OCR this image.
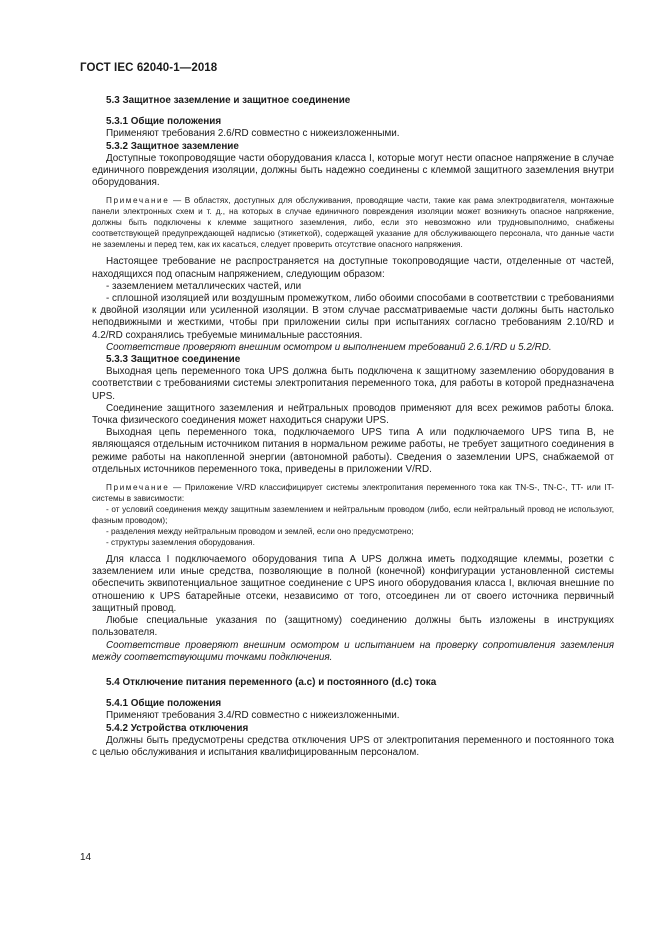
ГОСТ IEC 62040-1—2018

5.3 Защитное заземление и защитное соединение

5.3.1 Общие положения

Применяют требования 2.6/RD совместно с нижеизложенными.

5.3.2 Защитное заземление

Доступные токопроводящие части оборудования класса I, которые могут нести опасное напряжение в случае единичного повреждения изоляции, должны быть надежно соединены с клеммой защитного заземления внутри оборудования.

Примечание — В областях, доступных для обслуживания, проводящие части, такие как рама электродвигателя, монтажные панели электронных схем и т. д., на которых в случае единичного повреждения изоляции может возникнуть опасное напряжение, должны быть подключены к клемме защитного заземления, либо, если это невозможно или трудновыполнимо, снабжены соответствующей предупреждающей надписью (этикеткой), содержащей указание для обслуживающего персонала, что данные части не заземлены и перед тем, как их касаться, следует проверить отсутствие опасного напряжения.

Настоящее требование не распространяется на доступные токопроводящие части, отделенные от частей, находящихся под опасным напряжением, следующим образом:

- заземлением металлических частей, или

- сплошной изоляцией или воздушным промежутком, либо обоими способами в соответствии с требованиями к двойной изоляции или усиленной изоляции. В этом случае рассматриваемые части должны быть настолько неподвижными и жесткими, чтобы при приложении силы при испытаниях согласно требованиям 2.10/RD и 4.2/RD сохранялись требуемые минимальные расстояния.

Соответствие проверяют внешним осмотром и выполнением требований 2.6.1/RD и 5.2/RD.

5.3.3 Защитное соединение

Выходная цепь переменного тока UPS должна быть подключена к защитному заземлению оборудования в соответствии с требованиями системы электропитания переменного тока, для работы в которой предназначена UPS.

Соединение защитного заземления и нейтральных проводов применяют для всех режимов работы блока. Точка физического соединения может находиться снаружи UPS.

Выходная цепь переменного тока, подключаемого UPS типа A или подключаемого UPS типа B, не являющаяся отдельным источником питания в нормальном режиме работы, не требует защитного соединения в режиме работы на накопленной энергии (автономной работы). Сведения о заземлении UPS, снабжаемой от отдельных источников переменного тока, приведены в приложении V/RD.

Примечание — Приложение V/RD классифицирует системы электропитания переменного тока как TN-S-, TN-C-, TT- или IT-системы в зависимости:

- от условий соединения между защитным заземлением и нейтральным проводом (либо, если нейтральный провод не используют, фазным проводом);

- разделения между нейтральным проводом и землей, если оно предусмотрено;

- структуры заземления оборудования.

Для класса I подключаемого оборудования типа A UPS должна иметь подходящие клеммы, розетки с заземлением или иные средства, позволяющие в полной (конечной) конфигурации установленной системы обеспечить эквипотенциальное защитное соединение с UPS иного оборудования класса I, включая внешние по отношению к UPS батарейные отсеки, независимо от того, отсоединен ли от своего источника первичный защитный провод.

Любые специальные указания по (защитному) соединению должны быть изложены в инструкциях пользователя.

Соответствие проверяют внешним осмотром и испытанием на проверку сопротивления заземления между соответствующими точками подключения.

5.4 Отключение питания переменного (a.c) и постоянного (d.c) тока

5.4.1 Общие положения

Применяют требования 3.4/RD совместно с нижеизложенными.

5.4.2 Устройства отключения

Должны быть предусмотрены средства отключения UPS от электропитания переменного и постоянного тока с целью обслуживания и испытания квалифицированным персоналом.

14
